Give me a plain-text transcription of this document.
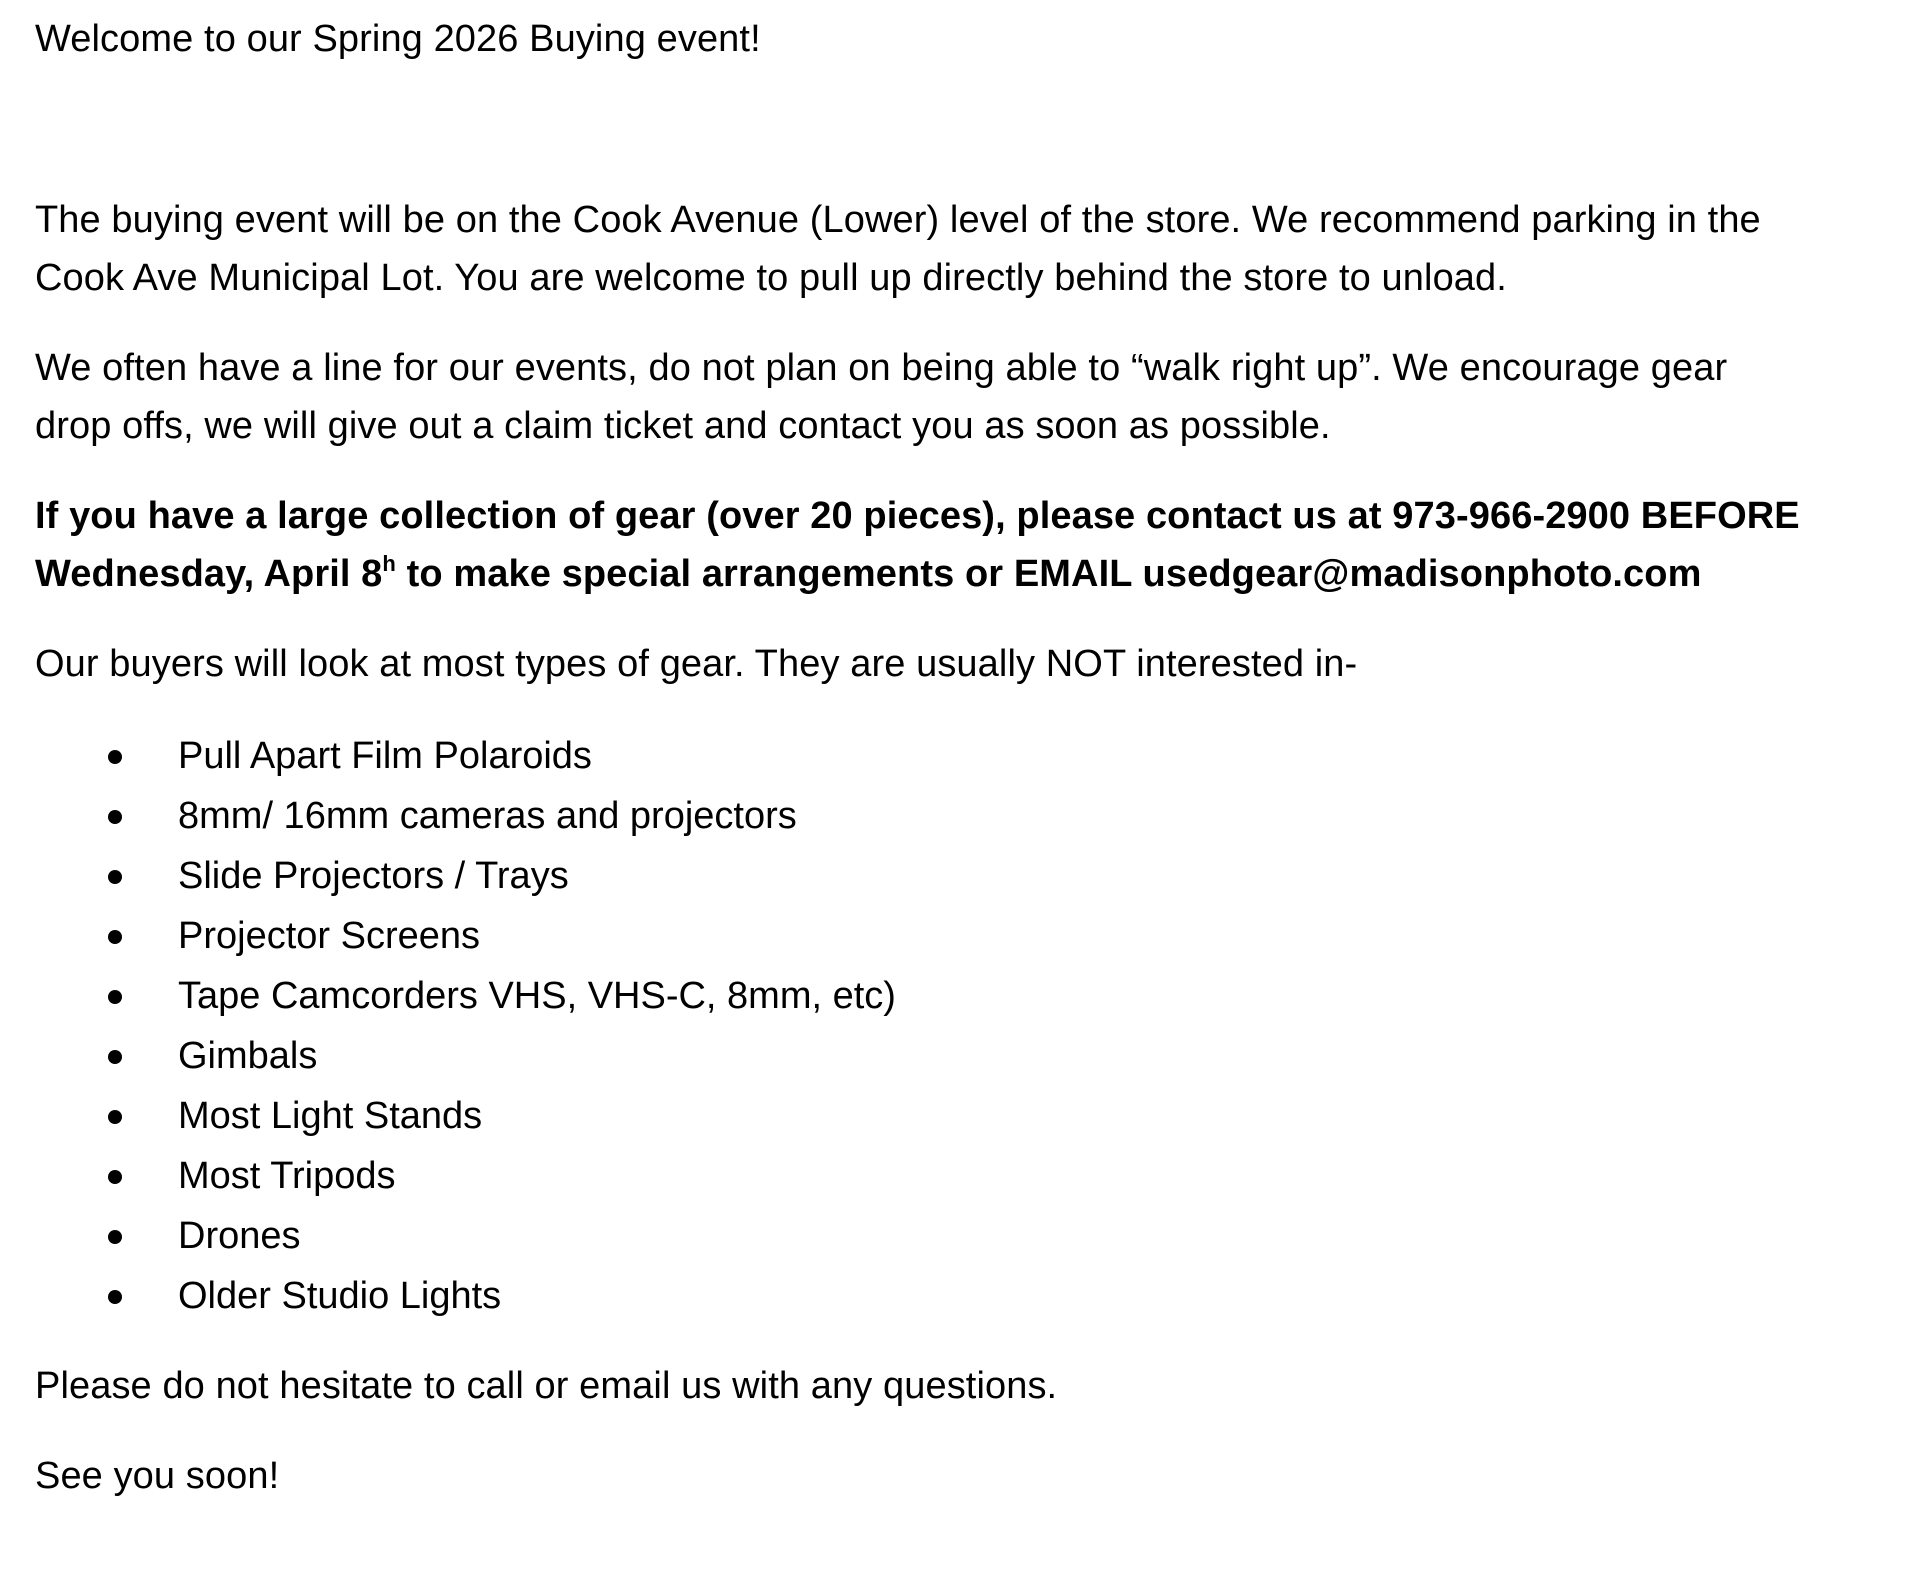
Welcome to our Spring 2026 Buying event!

The buying event will be on the Cook Avenue (Lower) level of the store. We recommend parking in the

Cook Ave Municipal Lot. You are welcome to pull up directly behind the store to unload.

We often have a line for our events, do not plan on being able to “walk right up”. We encourage gear

drop offs, we will give out a claim ticket and contact you as soon as possible.

If you have a large collection of gear (over 20 pieces), please contact us at 973-966-2900 BEFORE

Wednesday, April 8$^h$ to make special arrangements or EMAIL usedgear@madisonphoto.com

Our buyers will look at most types of gear. They are usually NOT interested in-

Pull Apart Film Polaroids
8mm/ 16mm cameras and projectors
Slide Projectors / Trays
Projector Screens
Tape Camcorders VHS, VHS-C, 8mm, etc)
Gimbals
Most Light Stands
Most Tripods
Drones
Older Studio Lights

Please do not hesitate to call or email us with any questions.

See you soon!
